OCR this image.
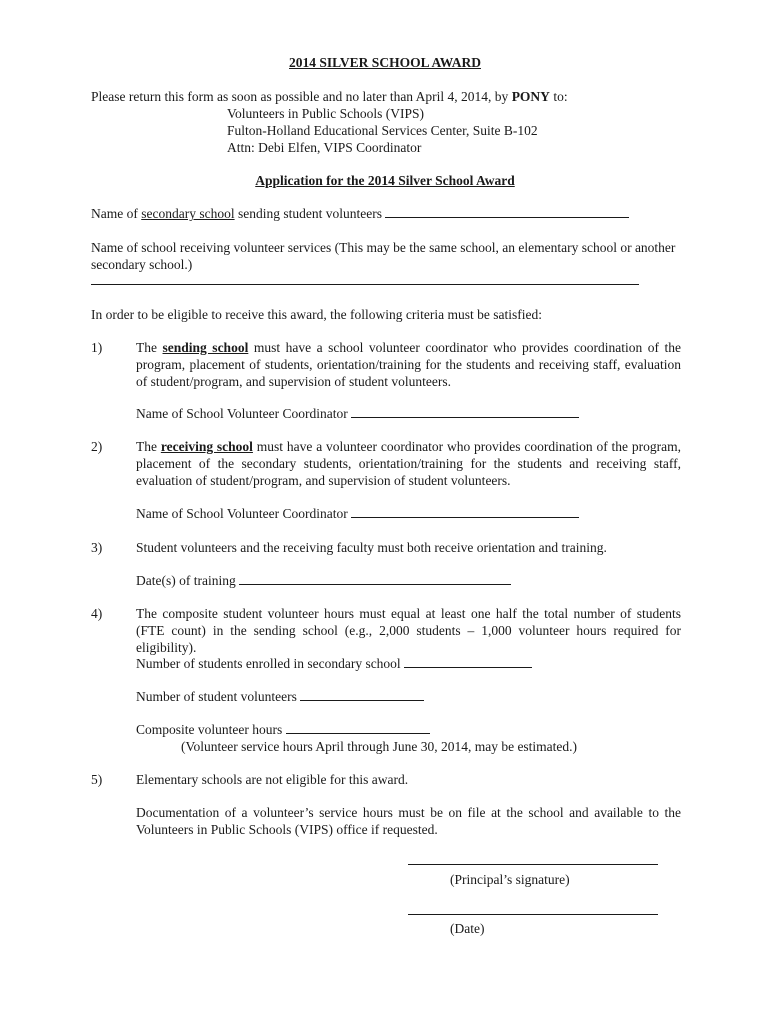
2014 SILVER SCHOOL AWARD
Please return this form as soon as possible and no later than April 4, 2014, by PONY to:
Volunteers in Public Schools (VIPS)
Fulton-Holland Educational Services Center, Suite B-102
Attn: Debi Elfen, VIPS Coordinator
Application for the 2014 Silver School Award
Name of secondary school sending student volunteers
Name of school receiving volunteer services (This may be the same school, an elementary school or another
secondary school.)
In order to be eligible to receive this award, the following criteria must be satisfied:
1)	The sending school must have a school volunteer coordinator who provides coordination of the program, placement of students, orientation/training for the students and receiving staff, evaluation of student/program, and supervision of student volunteers.
Name of School Volunteer Coordinator
2)	The receiving school must have a volunteer coordinator who provides coordination of the program, placement of the secondary students, orientation/training for the students and receiving staff, evaluation of student/program, and supervision of student volunteers.
Name of School Volunteer Coordinator
3)	Student volunteers and the receiving faculty must both receive orientation and training.
Date(s) of training
4)	The composite student volunteer hours must equal at least one half the total number of students (FTE count) in the sending school (e.g., 2,000 students – 1,000 volunteer hours required for eligibility).
Number of students enrolled in secondary school
Number of student volunteers
Composite volunteer hours
(Volunteer service hours April through June 30, 2014, may be estimated.)
5)	Elementary schools are not eligible for this award.
Documentation of a volunteer’s service hours must be on file at the school and available to the Volunteers in Public Schools (VIPS) office if requested.
(Principal’s signature)
(Date)
